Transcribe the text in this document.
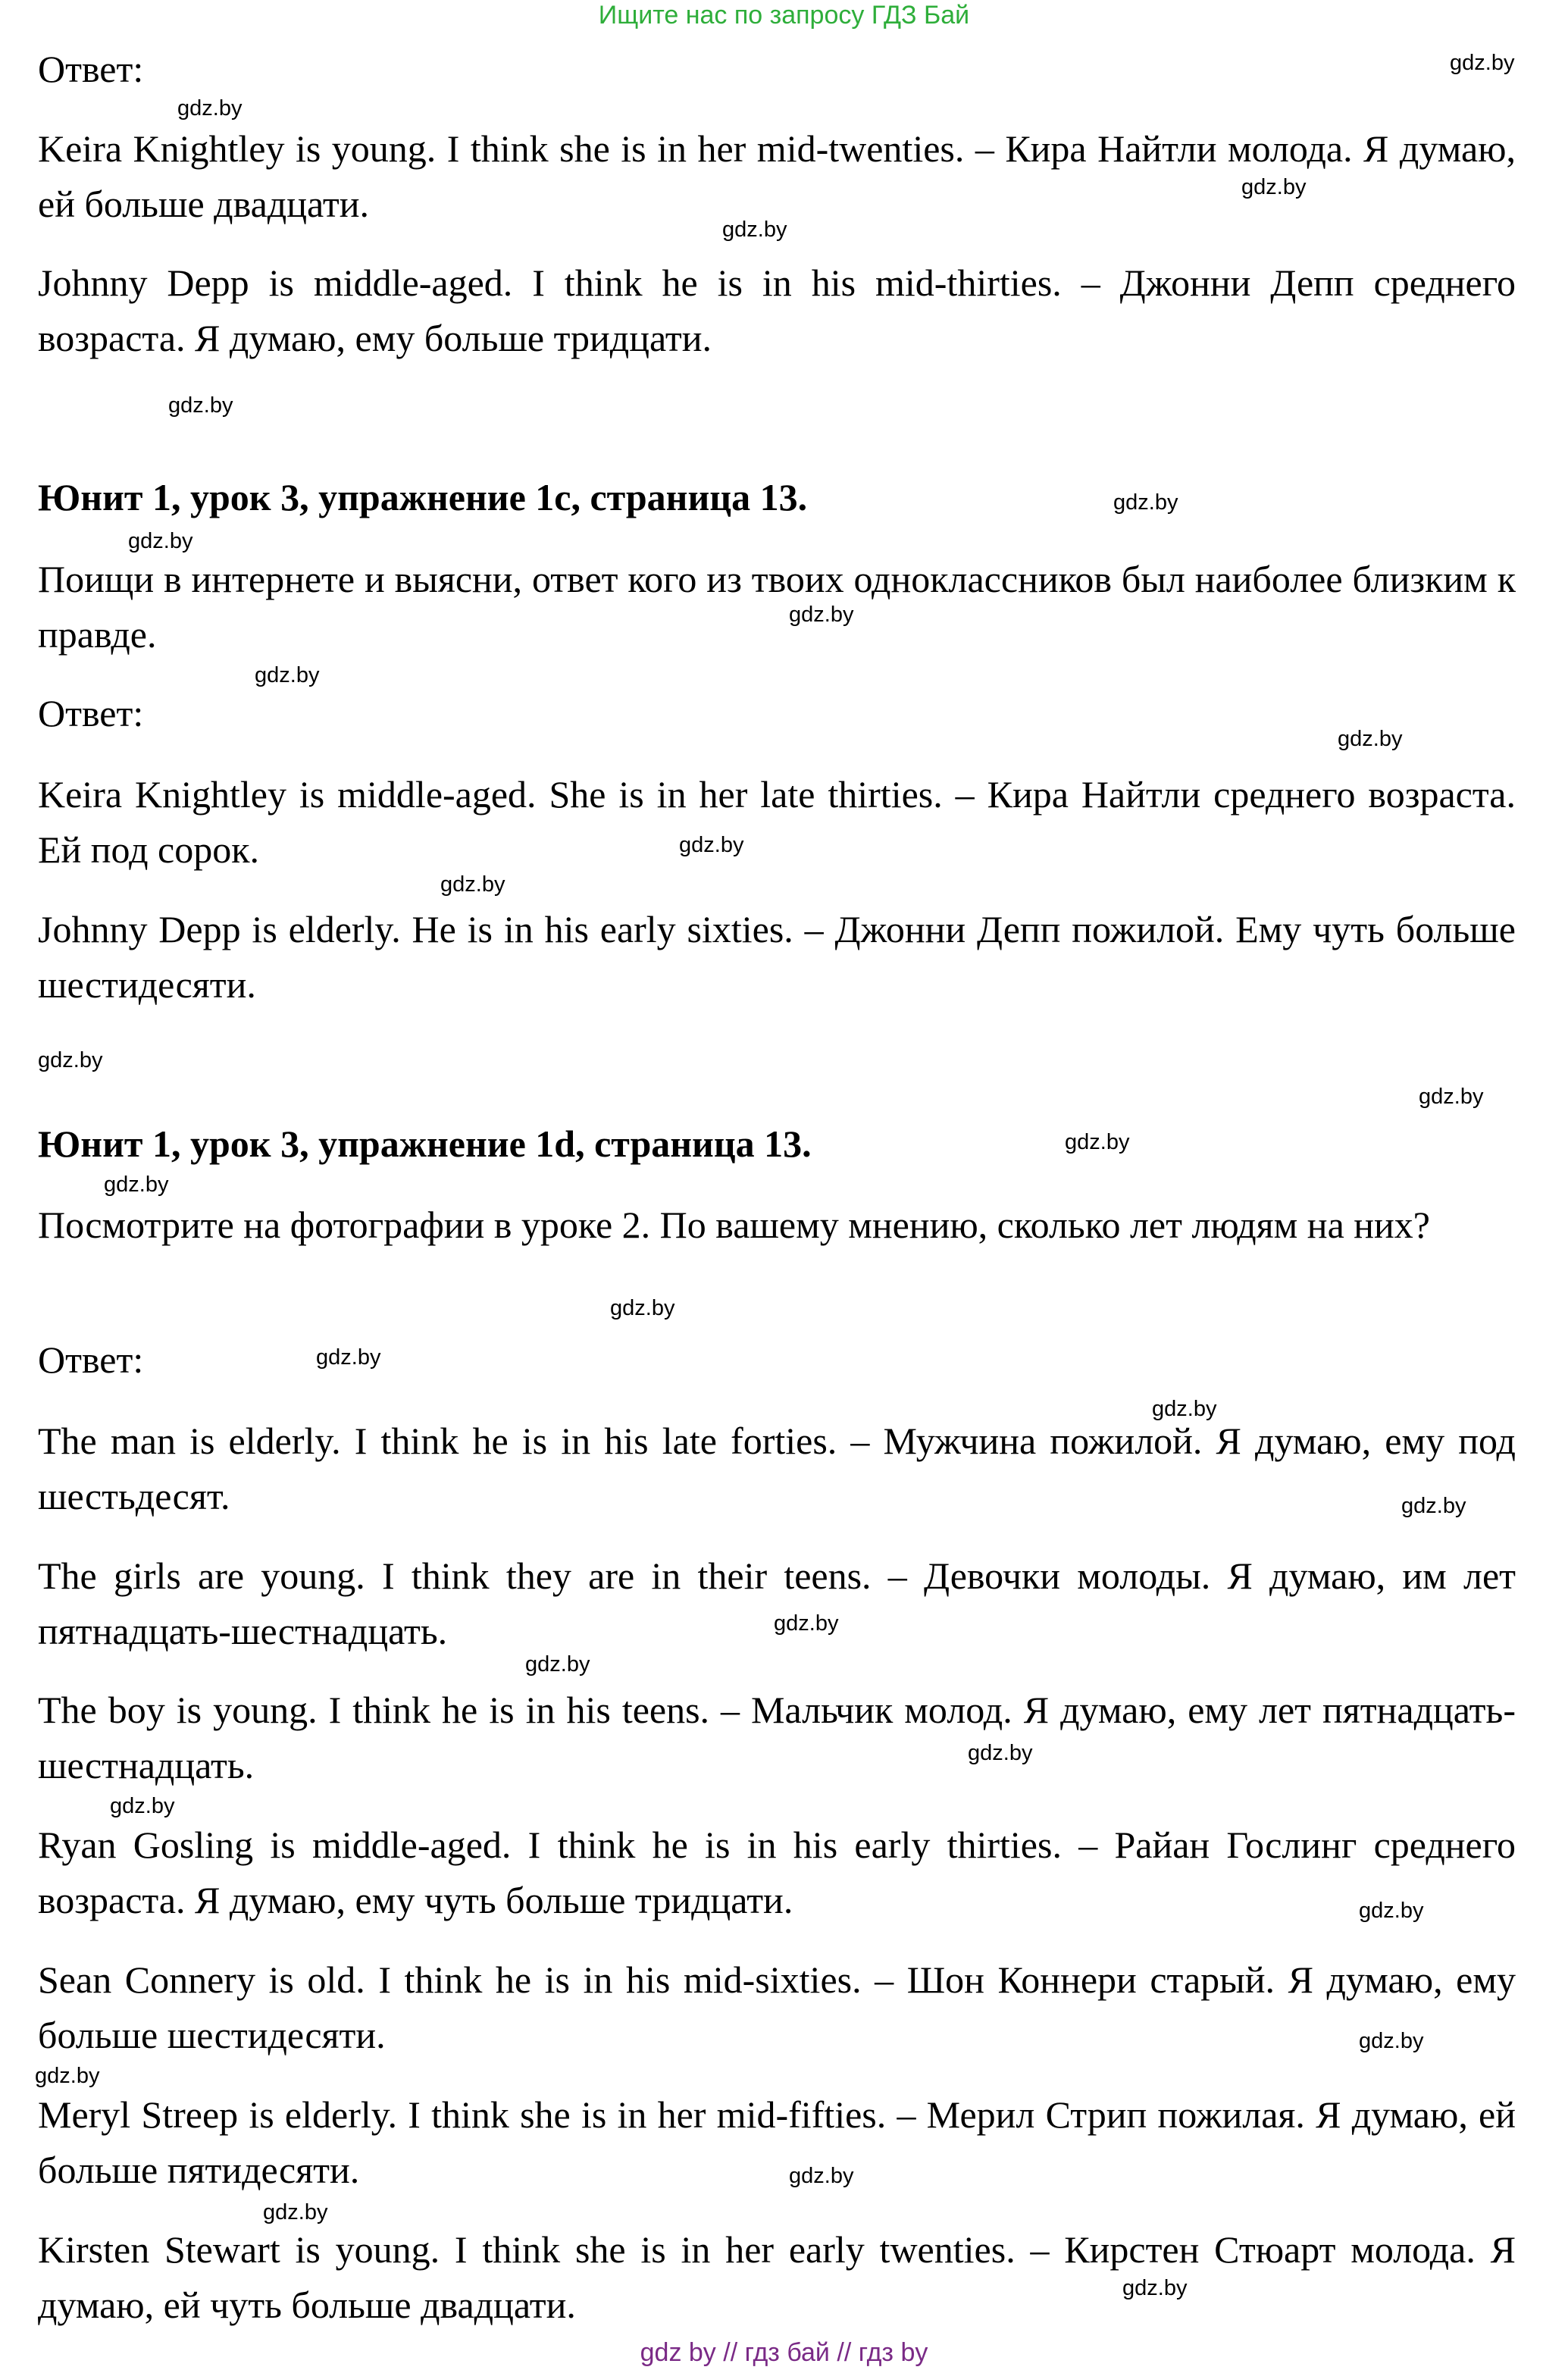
Ищите нас по запросу ГДЗ Бай
Ответ:
Keira Knightley is young. I think she is in her mid-twenties. – Кира Найтли молода. Я думаю, ей больше двадцати.
Johnny Depp is middle-aged. I think he is in his mid-thirties. – Джонни Депп среднего возраста. Я думаю, ему больше тридцати.
Юнит 1, урок 3, упражнение 1c, страница 13.
Поищи в интернете и выясни, ответ кого из твоих одноклассников был наиболее близким к правде.
Ответ:
Keira Knightley is middle-aged. She is in her late thirties. – Кира Найтли среднего возраста. Ей под сорок.
Johnny Depp is elderly. He is in his early sixties. – Джонни Депп пожилой. Ему чуть больше шестидесяти.
Юнит 1, урок 3, упражнение 1d, страница 13.
Посмотрите на фотографии в уроке 2. По вашему мнению, сколько лет людям на них?
Ответ:
The man is elderly. I think he is in his late forties. – Мужчина пожилой. Я думаю, ему под шестьдесят.
The girls are young. I think they are in their teens. – Девочки молоды. Я думаю, им лет пятнадцать-шестнадцать.
The boy is young. I think he is in his teens. – Мальчик молод. Я думаю, ему лет пятнадцать-шестнадцать.
Ryan Gosling is middle-aged. I think he is in his early thirties. – Райан Гослинг среднего возраста. Я думаю, ему чуть больше тридцати.
Sean Connery is old. I think he is in his mid-sixties. – Шон Коннери старый. Я думаю, ему больше шестидесяти.
Meryl Streep is elderly. I think she is in her mid-fifties. – Мерил Стрип пожилая. Я думаю, ей больше пятидесяти.
Kirsten Stewart is young. I think she is in her early twenties. – Кирстен Стюарт молода. Я думаю, ей чуть больше двадцати.
gdz.by
gdz.by
gdz.by
gdz.by
gdz.by
gdz.by
gdz.by
gdz.by
gdz.by
gdz.by
gdz.by
gdz.by
gdz.by
gdz.by
gdz.by
gdz.by
gdz.by
gdz.by
gdz.by
gdz.by
gdz.by
gdz.by
gdz.by
gdz.by
gdz.by
gdz.by
gdz.by
gdz.by
gdz.by
gdz.by
gdz by // гдз бай // гдз by
